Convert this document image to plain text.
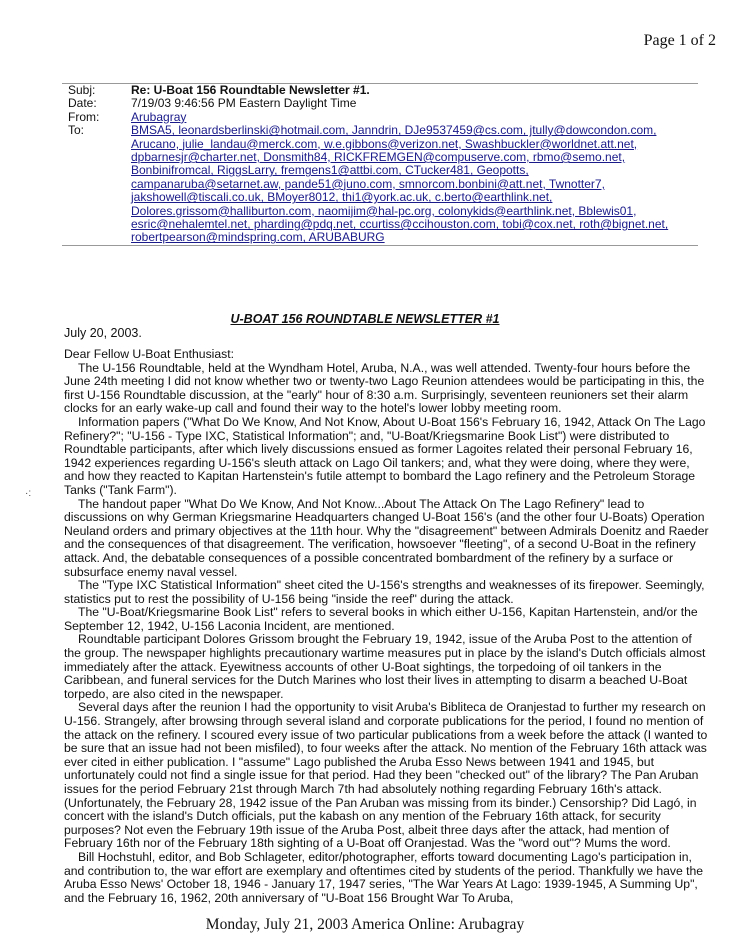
Page 1 of 2
Subj:	Re: U-Boat 156 Roundtable Newsletter #1.
Date:	7/19/03 9:46:56 PM Eastern Daylight Time
From:	Arubagray
To:	BMSA5, leonardsberlinski@hotmail.com, Janndrin, DJe9537459@cs.com, jtully@dowcondon.com,
Arucano, julie_landau@merck.com, w.e.gibbons@verizon.net, Swashbuckler@worldnet.att.net,
dpbarnesjr@charter.net, Donsmith84, RICKFREMGEN@compuserve.com, rbmo@semo.net,
Bonbinifromcal, RiggsLarry, fremgens1@attbi.com, CTucker481, Geopotts,
campanaruba@setarnet.aw, pande51@juno.com, smnorcom.bonbini@att.net, Twnotter7,
jakshowell@tiscali.co.uk, BMoyer8012, thi1@york.ac.uk, c.berto@earthlink.net,
Dolores.grissom@halliburton.com, naomijim@hal-pc.org, colonykids@earthlink.net, Bblewis01,
esric@nehalemtel.net, pharding@pdq.net, ccurtiss@ccihouston.com, tobi@cox.net, roth@bignet.net,
robertpearson@mindspring.com, ARUBABURG
U-BOAT 156 ROUNDTABLE NEWSLETTER #1
July 20, 2003.

Dear Fellow U-Boat Enthusiast:

The U-156 Roundtable, held at the Wyndham Hotel, Aruba, N.A., was well attended. Twenty-four hours before the June 24th meeting I did not know whether two or twenty-two Lago Reunion attendees would be participating in this, the first U-156 Roundtable discussion, at the "early" hour of 8:30 a.m. Surprisingly, seventeen reunioners set their alarm clocks for an early wake-up call and found their way to the hotel's lower lobby meeting room.

Information papers ("What Do We Know, And Not Know, About U-Boat 156's February 16, 1942, Attack On The Lago Refinery?"; "U-156 - Type IXC, Statistical Information"; and, "U-Boat/Kriegsmarine Book List") were distributed to Roundtable participants, after which lively discussions ensued as former Lagoites related their personal February 16, 1942 experiences regarding U-156's sleuth attack on Lago Oil tankers; and, what they were doing, where they were, and how they reacted to Kapitan Hartenstein's futile attempt to bombard the Lago refinery and the Petroleum Storage Tanks ("Tank Farm").

The handout paper "What Do We Know, And Not Know...About The Attack On The Lago Refinery" lead to discussions on why German Kriegsmarine Headquarters changed U-Boat 156's (and the other four U-Boats) Operation Neuland orders and primary objectives at the 11th hour. Why the "disagreement" between Admirals Doenitz and Raeder and the consequences of that disagreement. The verification, howsoever "fleeting", of a second U-Boat in the refinery attack. And, the debatable consequences of a possible concentrated bombardment of the refinery by a surface or subsurface enemy naval vessel.

The "Type IXC Statistical Information" sheet cited the U-156's strengths and weaknesses of its firepower. Seemingly, statistics put to rest the possibility of U-156 being "inside the reef" during the attack.

The "U-Boat/Kriegsmarine Book List" refers to several books in which either U-156, Kapitan Hartenstein, and/or the September 12, 1942, U-156 Laconia Incident, are mentioned.

Roundtable participant Dolores Grissom brought the February 19, 1942, issue of the Aruba Post to the attention of the group. The newspaper highlights precautionary wartime measures put in place by the island's Dutch officials almost immediately after the attack. Eyewitness accounts of other U-Boat sightings, the torpedoing of oil tankers in the Caribbean, and funeral services for the Dutch Marines who lost their lives in attempting to disarm a beached U-Boat torpedo, are also cited in the newspaper.

Several days after the reunion I had the opportunity to visit Aruba's Bibliteca de Oranjestad to further my research on U-156. Strangely, after browsing through several island and corporate publications for the period, I found no mention of the attack on the refinery. I scoured every issue of two particular publications from a week before the attack (I wanted to be sure that an issue had not been misfiled), to four weeks after the attack. No mention of the February 16th attack was ever cited in either publication. I "assume" Lago published the Aruba Esso News between 1941 and 1945, but unfortunately could not find a single issue for that period. Had they been "checked out" of the library? The Pan Aruban issues for the period February 21st through March 7th had absolutely nothing regarding February 16th's attack. (Unfortunately, the February 28, 1942 issue of the Pan Aruban was missing from its binder.) Censorship? Did Lagó, in concert with the island's Dutch officials, put the kabash on any mention of the February 16th attack, for security purposes? Not even the February 19th issue of the Aruba Post, albeit three days after the attack, had mention of February 16th nor of the February 18th sighting of a U-Boat off Oranjestad. Was the "word out"? Mums the word.

Bill Hochstuhl, editor, and Bob Schlageter, editor/photographer, efforts toward documenting Lago's participation in, and contribution to, the war effort are exemplary and oftentimes cited by students of the period. Thankfully we have the Aruba Esso News' October 18, 1946 - January 17, 1947 series, "The War Years At Lago: 1939-1945, A Summing Up", and the February 16, 1962, 20th anniversary of "U-Boat 156 Brought War To Aruba,

·:
Monday, July 21, 2003 America Online: Arubagray
